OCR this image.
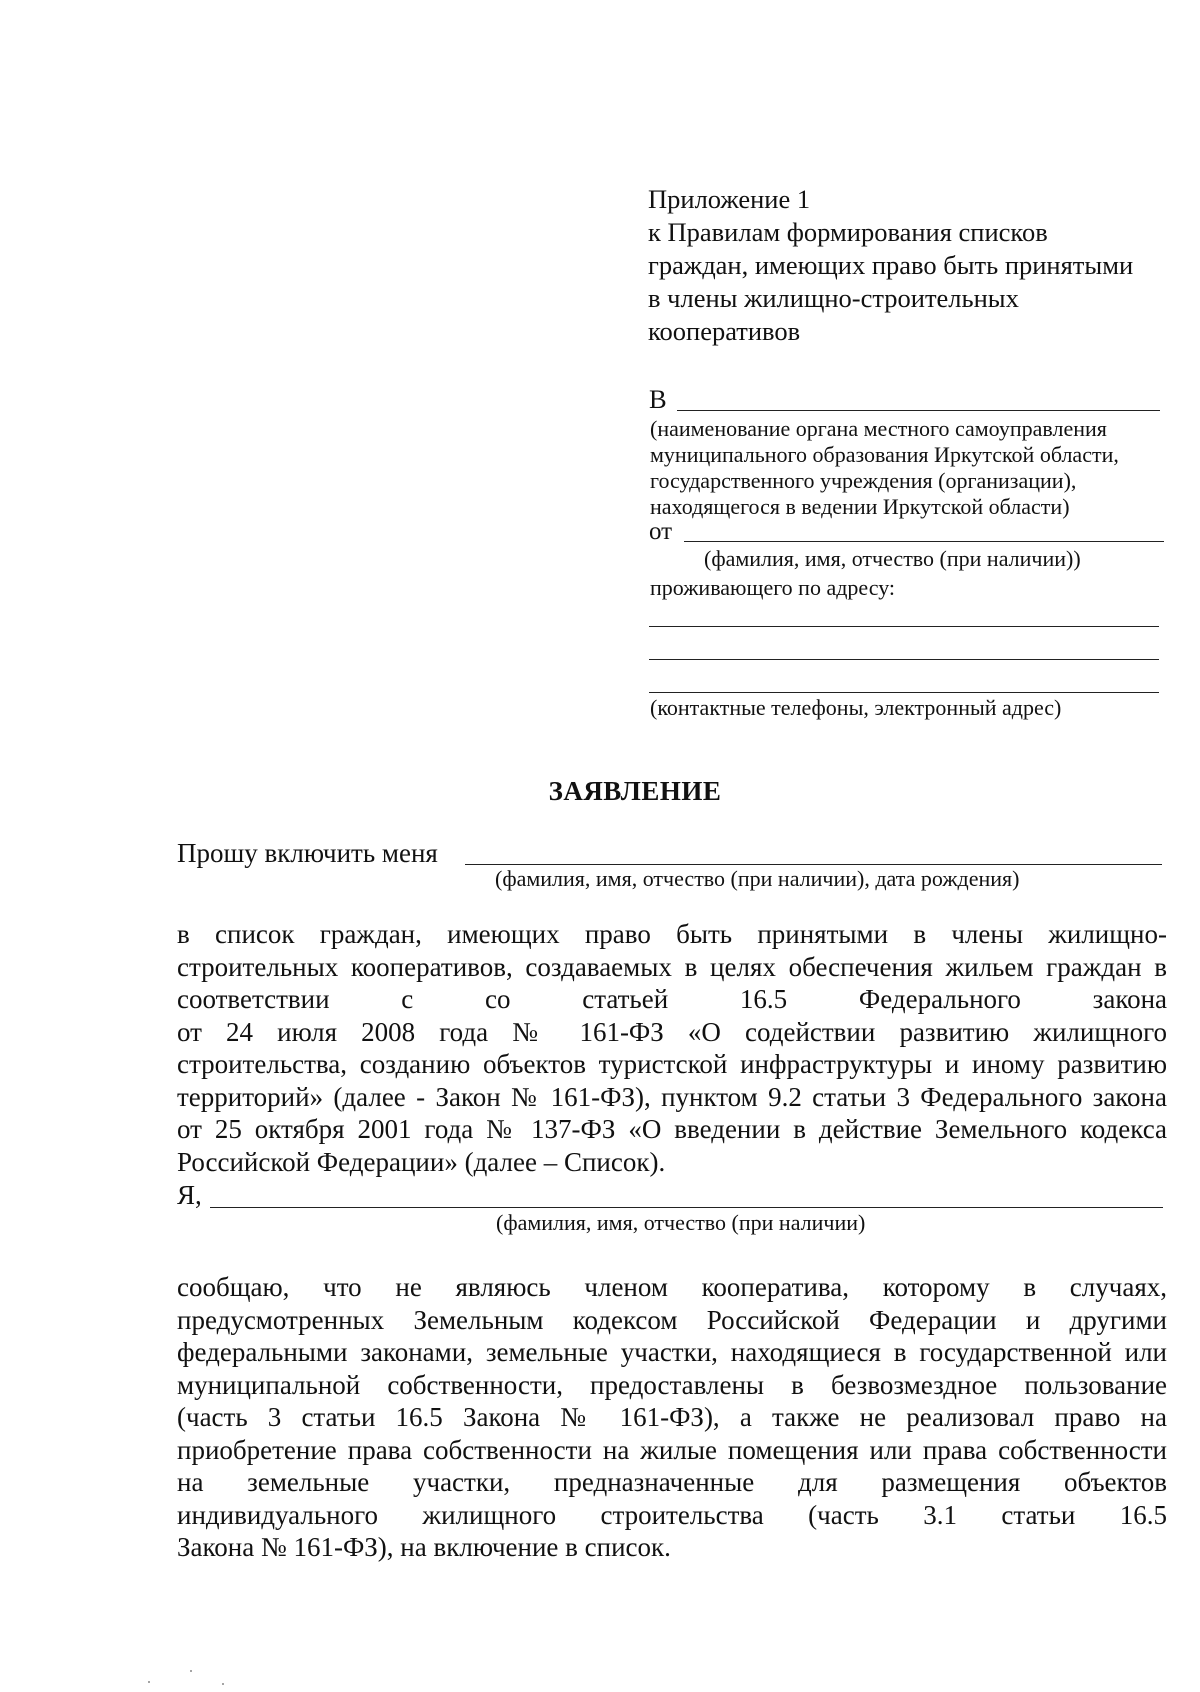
Приложение 1
к Правилам формирования списков
граждан, имеющих право быть принятыми
в члены жилищно-строительных
кооперативов
В
(наименование органа местного самоуправления
муниципального образования Иркутской области,
государственного учреждения (организации),
находящегося в ведении Иркутской области)
от
(фамилия, имя, отчество (при наличии))
проживающего по адресу:
(контактные телефоны, электронный адрес)
ЗАЯВЛЕНИЕ
Прошу включить меня
(фамилия, имя, отчество (при наличии), дата рождения)
в список граждан, имеющих право быть принятыми в члены жилищно-
строительных кооперативов, создаваемых в целях обеспечения жильем граждан в
соответствии с со статьей 16.5 Федерального закона
от 24 июля 2008 года № 161-ФЗ «О содействии развитию жилищного
строительства, созданию объектов туристской инфраструктуры и иному развитию
территорий» (далее - Закон № 161-ФЗ), пунктом 9.2 статьи 3 Федерального закона
от 25 октября 2001 года № 137-ФЗ «О введении в действие Земельного кодекса
Российской Федерации» (далее – Список).
Я,
(фамилия, имя, отчество (при наличии)
сообщаю, что не являюсь членом кооператива, которому в случаях,
предусмотренных Земельным кодексом Российской Федерации и другими
федеральными законами, земельные участки, находящиеся в государственной или
муниципальной собственности, предоставлены в безвозмездное пользование
(часть 3 статьи 16.5 Закона № 161-ФЗ), а также не реализовал право на
приобретение права собственности на жилые помещения или права собственности
на земельные участки, предназначенные для размещения объектов
индивидуального жилищного строительства (часть 3.1 статьи 16.5
Закона № 161-ФЗ), на включение в список.
